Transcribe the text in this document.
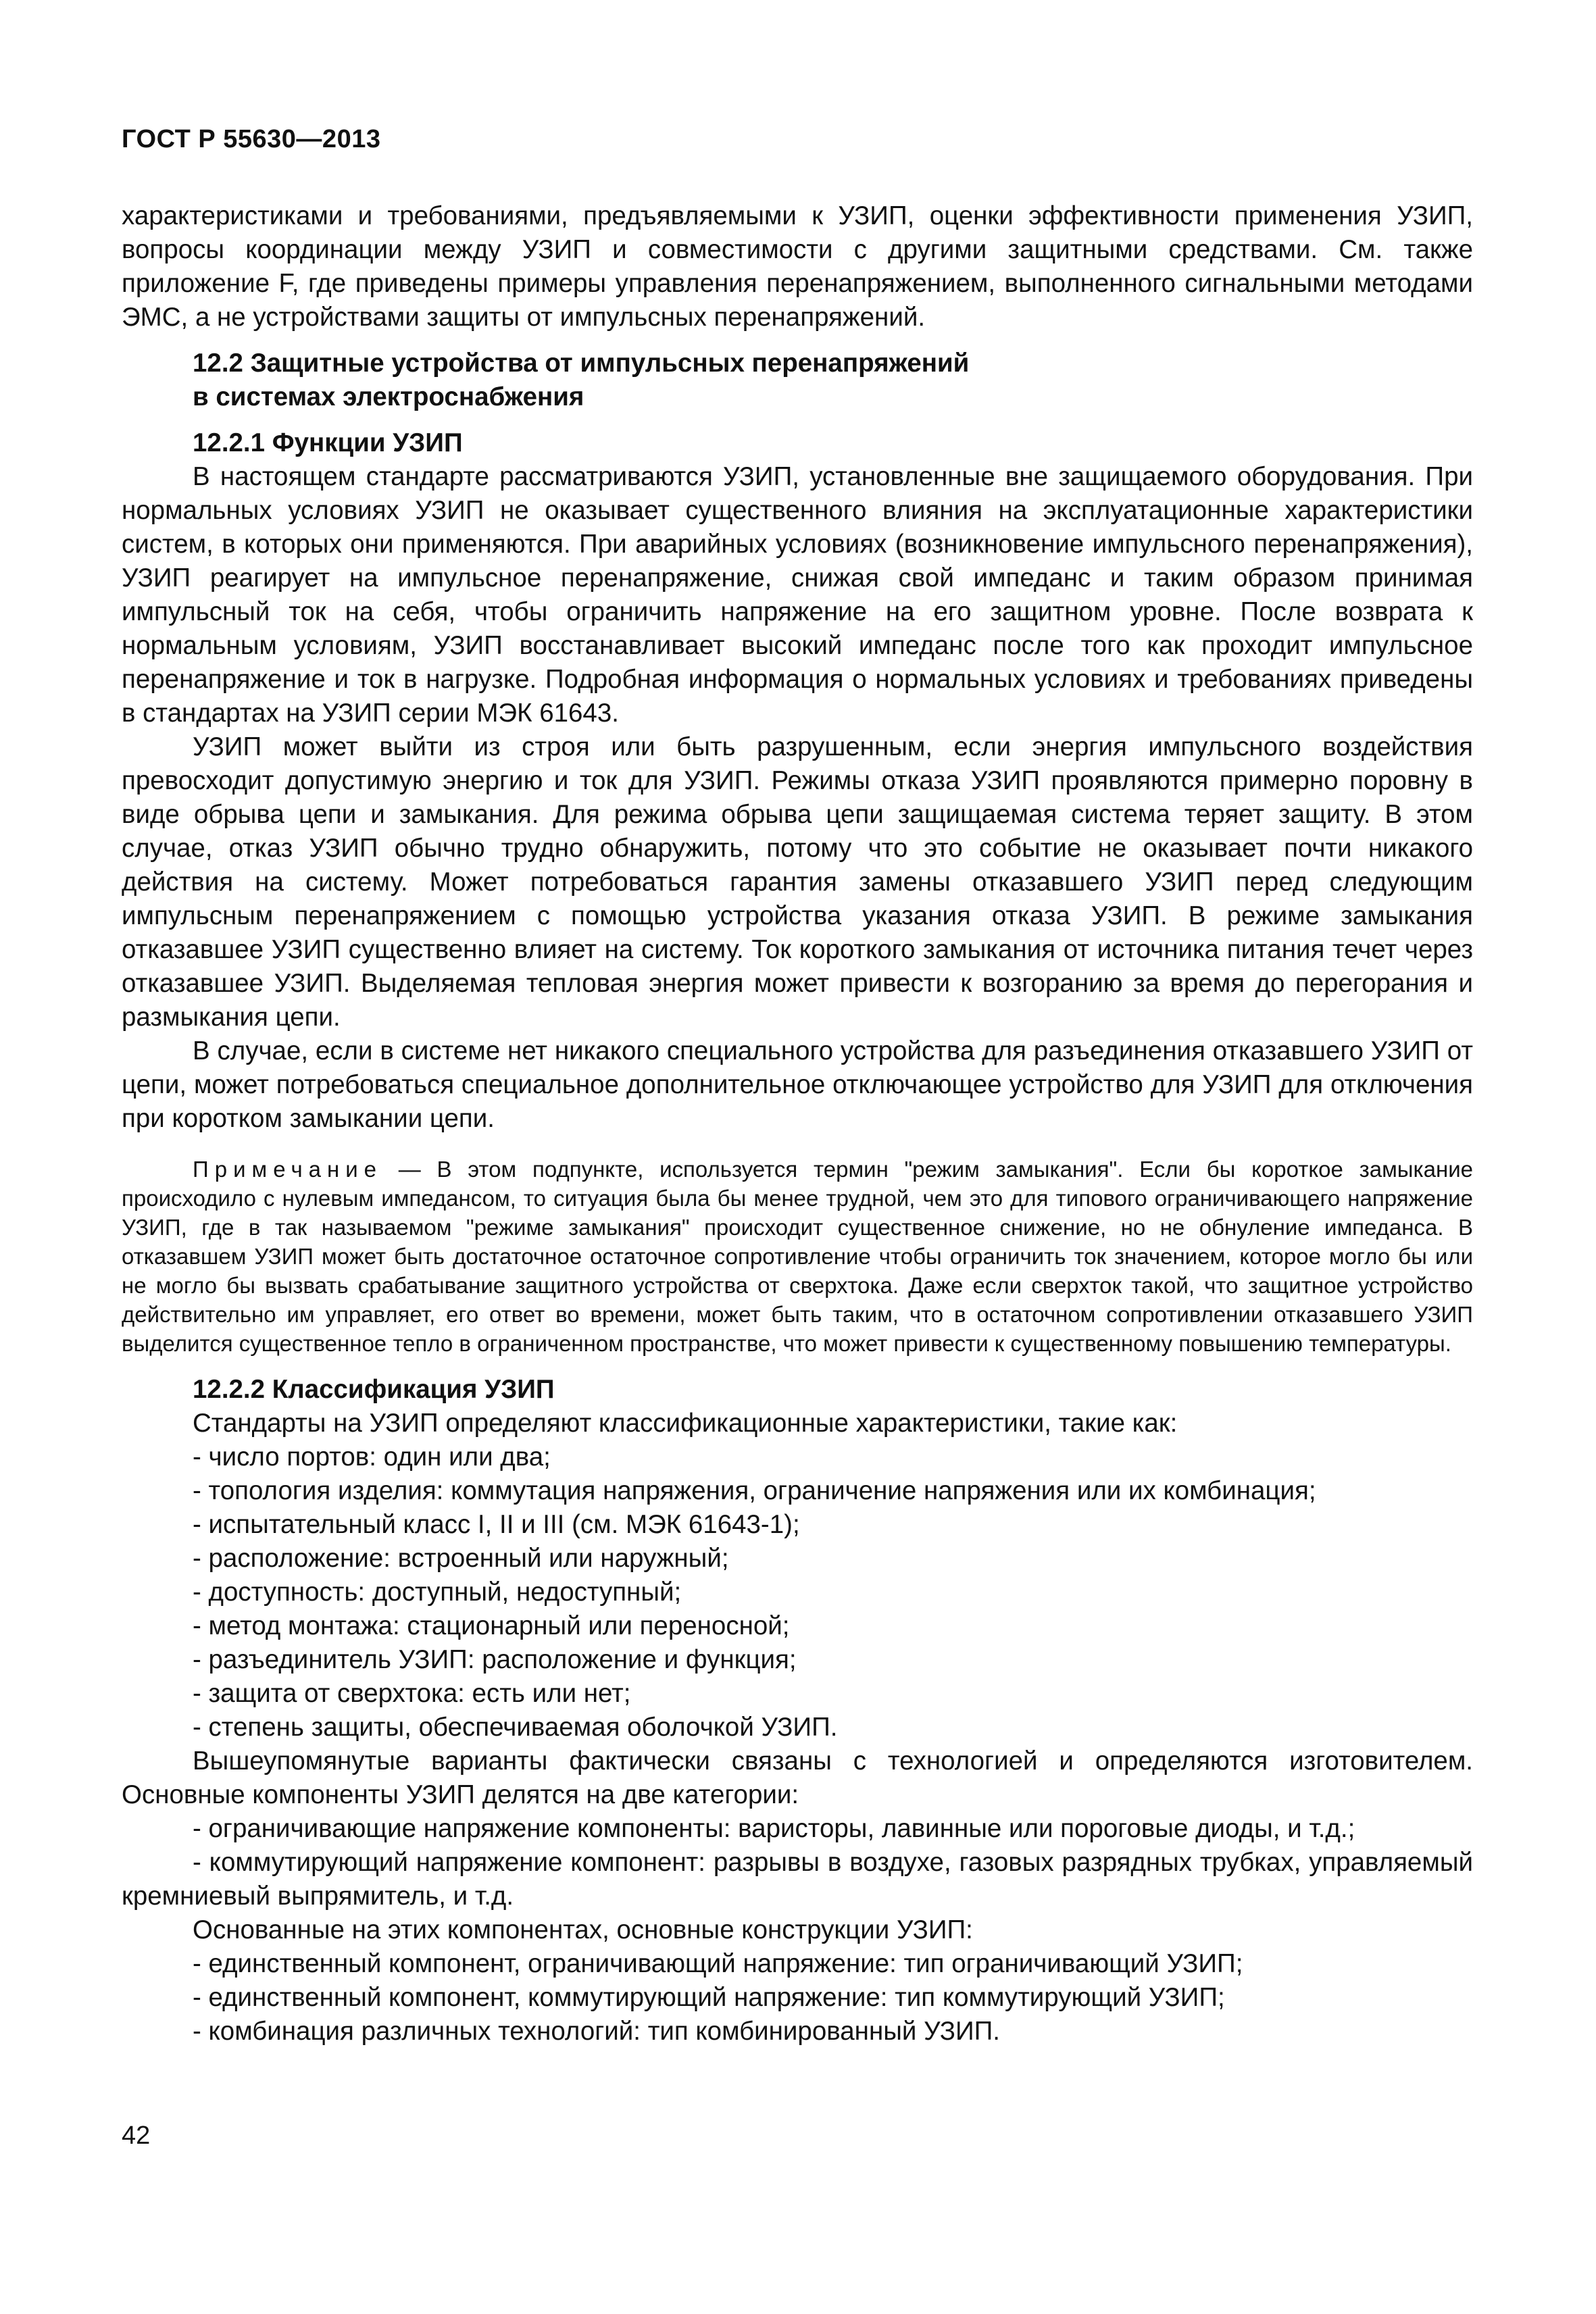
ГОСТ Р 55630—2013

характеристиками и требованиями, предъявляемыми к УЗИП, оценки эффективности применения УЗИП, вопросы координации между УЗИП и совместимости с другими защитными средствами. См. также приложение F, где приведены примеры управления перенапряжением, выполненного сигнальными методами ЭМС, а не устройствами защиты от импульсных перенапряжений.

12.2 Защитные устройства от импульсных перенапряжений

в системах электроснабжения

12.2.1 Функции УЗИП

В настоящем стандарте рассматриваются УЗИП, установленные вне защищаемого оборудования. При нормальных условиях УЗИП не оказывает существенного влияния на эксплуатационные характеристики систем, в которых они применяются. При аварийных условиях (возникновение импульсного перенапряжения), УЗИП реагирует на импульсное перенапряжение, снижая свой импеданс и таким образом принимая импульсный ток на себя, чтобы ограничить напряжение на его защитном уровне. После возврата к нормальным условиям, УЗИП восстанавливает высокий импеданс после того как проходит импульсное перенапряжение и ток в нагрузке. Подробная информация о нормальных условиях и требованиях приведены в стандартах на УЗИП серии МЭК 61643.

УЗИП может выйти из строя или быть разрушенным, если энергия импульсного воздействия превосходит допустимую энергию и ток для УЗИП. Режимы отказа УЗИП проявляются примерно поровну в виде обрыва цепи и замыкания. Для режима обрыва цепи защищаемая система теряет защиту. В этом случае, отказ УЗИП обычно трудно обнаружить, потому что это событие не оказывает почти никакого действия на систему. Может потребоваться гарантия замены отказавшего УЗИП перед следующим импульсным перенапряжением с помощью устройства указания отказа УЗИП. В режиме замыкания отказавшее УЗИП существенно влияет на систему. Ток короткого замыкания от источника питания течет через отказавшее УЗИП. Выделяемая тепловая энергия может привести к возгоранию за время до перегорания и размыкания цепи.

В случае, если в системе нет никакого специального устройства для разъединения отказавшего УЗИП от цепи, может потребоваться специальное дополнительное отключающее устройство для УЗИП для отключения при коротком замыкании цепи.

Примечание — В этом подпункте, используется термин "режим замыкания". Если бы короткое замыкание происходило с нулевым импедансом, то ситуация была бы менее трудной, чем это для типового ограничивающего напряжение УЗИП, где в так называемом "режиме замыкания" происходит существенное снижение, но не обнуление импеданса. В отказавшем УЗИП может быть достаточное остаточное сопротивление чтобы ограничить ток значением, которое могло бы или не могло бы вызвать срабатывание защитного устройства от сверхтока. Даже если сверхток такой, что защитное устройство действительно им управляет, его ответ во времени, может быть таким, что в остаточном сопротивлении отказавшего УЗИП выделится существенное тепло в ограниченном пространстве, что может привести к существенному повышению температуры.

12.2.2 Классификация УЗИП

Стандарты на УЗИП определяют классификационные характеристики, такие как:

- число портов: один или два;

- топология изделия: коммутация напряжения, ограничение напряжения или их комбинация;

- испытательный класс I, II и III (см. МЭК 61643-1);

- расположение: встроенный или наружный;

- доступность: доступный, недоступный;

- метод монтажа: стационарный или переносной;

- разъединитель УЗИП: расположение и функция;

- защита от сверхтока: есть или нет;

- степень защиты, обеспечиваемая оболочкой УЗИП.

Вышеупомянутые варианты фактически связаны с технологией и определяются изготовителем. Основные компоненты УЗИП делятся на две категории:

- ограничивающие напряжение компоненты: варисторы, лавинные или пороговые диоды, и т.д.;

- коммутирующий напряжение компонент: разрывы в воздухе, газовых разрядных трубках, управляемый кремниевый выпрямитель, и т.д.

Основанные на этих компонентах, основные конструкции УЗИП:

- единственный компонент, ограничивающий напряжение: тип ограничивающий УЗИП;

- единственный компонент, коммутирующий напряжение: тип коммутирующий УЗИП;

- комбинация различных технологий: тип комбинированный УЗИП.

42
